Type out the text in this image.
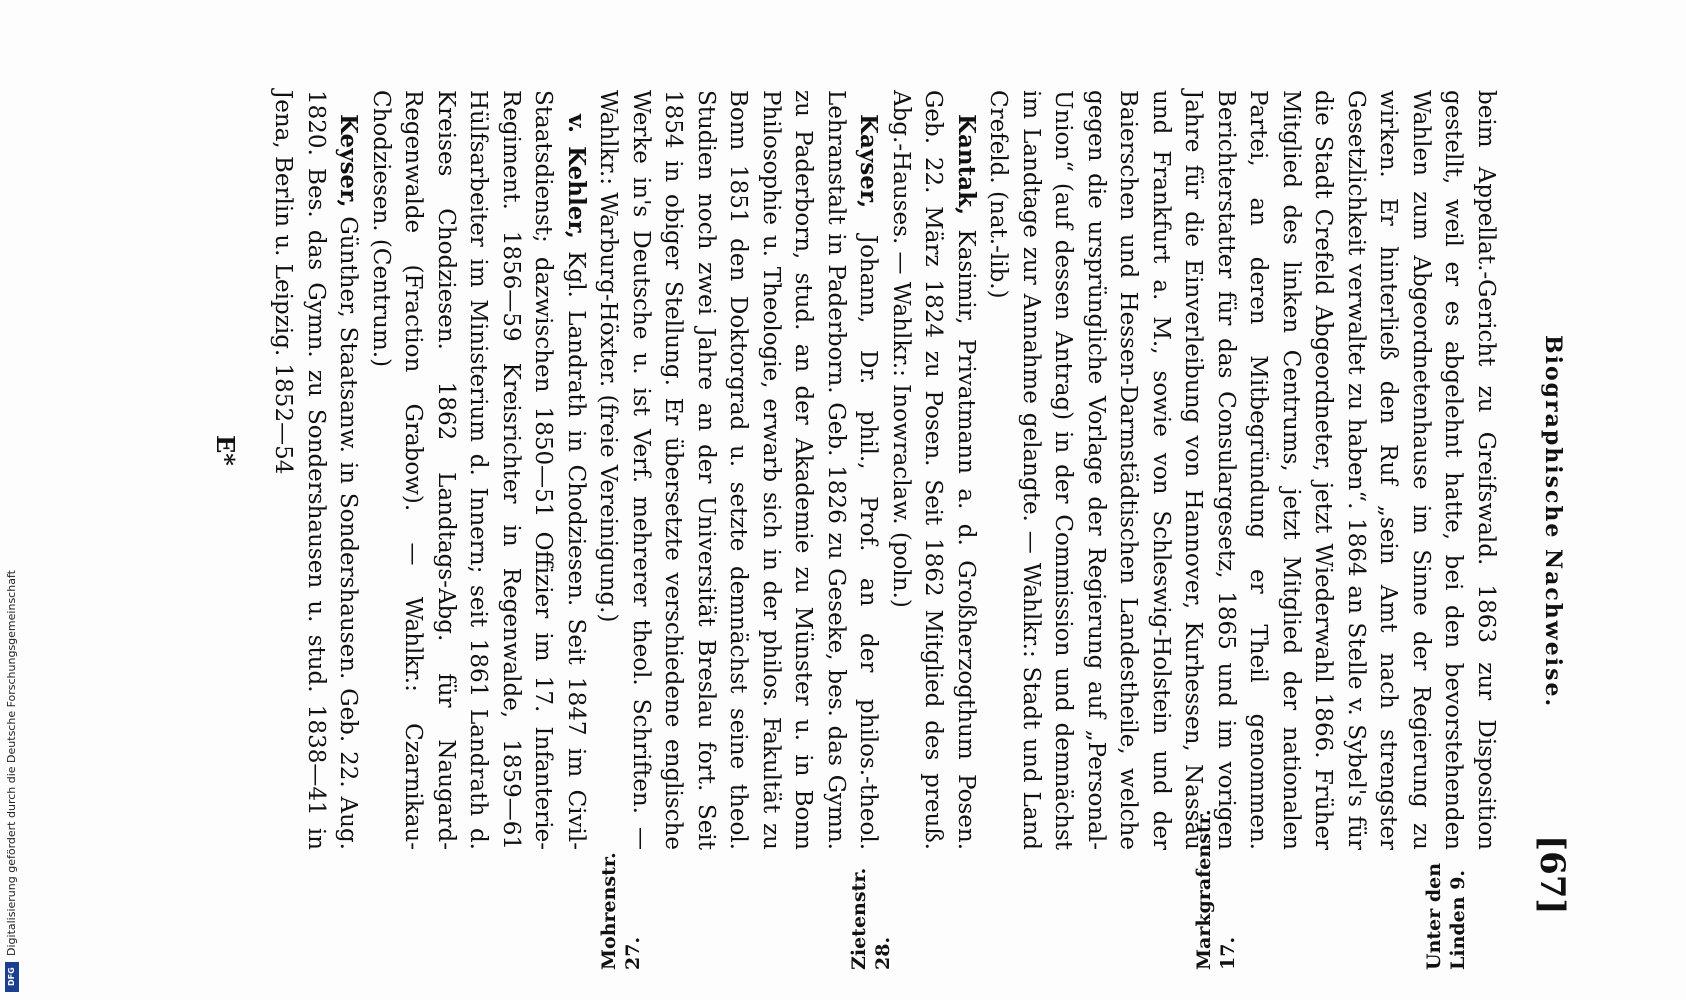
Digitalisierung gefördert durch die Deutsche Forschungsgemeinschaft
DFG
Biographische Nachweise.
[67]

beim Appellat.-Gericht zu Greifswald. 1863 zur Disposition gestellt, weil er es abgelehnt hatte, bei den bevorstehenden Wahlen zum Abgeordnetenhause im Sinne der Regierung zu wirken. Er hinterließ den Ruf „sein Amt nach strengster Gesetzlichkeit verwaltet zu haben“. 1864 an Stelle v. Sybel's für die Stadt Crefeld Abgeordneter, jetzt Wiederwahl 1866. Früher Mitglied des linken Centrums, jetzt Mitglied der nationalen Partei, an deren Mitbegründung er Theil genommen. Berichterstatter für das Consulargesetz, 1865 und im vorigen Jahre für die Einverleibung von Hannover, Kurhessen, Nassau und Frankfurt a. M., sowie von Schleswig-Holstein und der Baierschen und Hessen-Darmstädtischen Landestheile, welche gegen die ursprüngliche Vorlage der Regierung auf „Personal-Union“ (auf dessen Antrag) in der Commission und demnächst im Landtage zur Annahme gelangte. — Wahlkr.: Stadt und Land Crefeld. (nat.-lib.)

Kantak, Kasimir, Privatmann a. d. Großherzogthum Posen. Geb. 22. März 1824 zu Posen. Seit 1862 Mitglied des preuß. Abg.-Hauses. — Wahlkr.: Inowraclaw. (poln.)

Kayser, Johann, Dr. phil., Prof. an der philos.-theol. Lehranstalt in Paderborn. Geb. 1826 zu Geseke, bes. das Gymn. zu Paderborn, stud. an der Akademie zu Münster u. in Bonn Philosophie u. Theologie, erwarb sich in der philos. Fakultät zu Bonn 1851 den Doktorgrad u. setzte demnächst seine theol. Studien noch zwei Jahre an der Universität Breslau fort. Seit 1854 in obiger Stellung. Er übersetzte verschiedene englische Werke in's Deutsche u. ist Verf. mehrerer theol. Schriften. — Wahlkr.: Warburg-Höxter. (freie Vereinigung.)

v. Kehler, Kgl. Landrath in Chodziesen. Seit 1847 im Civil-Staatsdienst; dazwischen 1850—51 Offizier im 17. Infanterie-Regiment. 1856—59 Kreisrichter in Regenwalde, 1859—61 Hülfsarbeiter im Ministerium d. Innern; seit 1861 Landrath d. Kreises Chodziesen. 1862 Landtags-Abg. für Naugard-Regenwalde (Fraction Grabow). — Wahlkr.: Czarnikau-Chodziesen. (Centrum.)

Keyser, Günther, Staatsanw. in Sondershausen. Geb. 22. Aug. 1820. Bes. das Gymn. zu Sondershausen u. stud. 1838—41 in Jena, Berlin u. Leipzig. 1852—54

Unter den Linden 9.
Markgrafenstr. 17.
Zietenstr. 28.
Mohrenstr. 27.
E*
